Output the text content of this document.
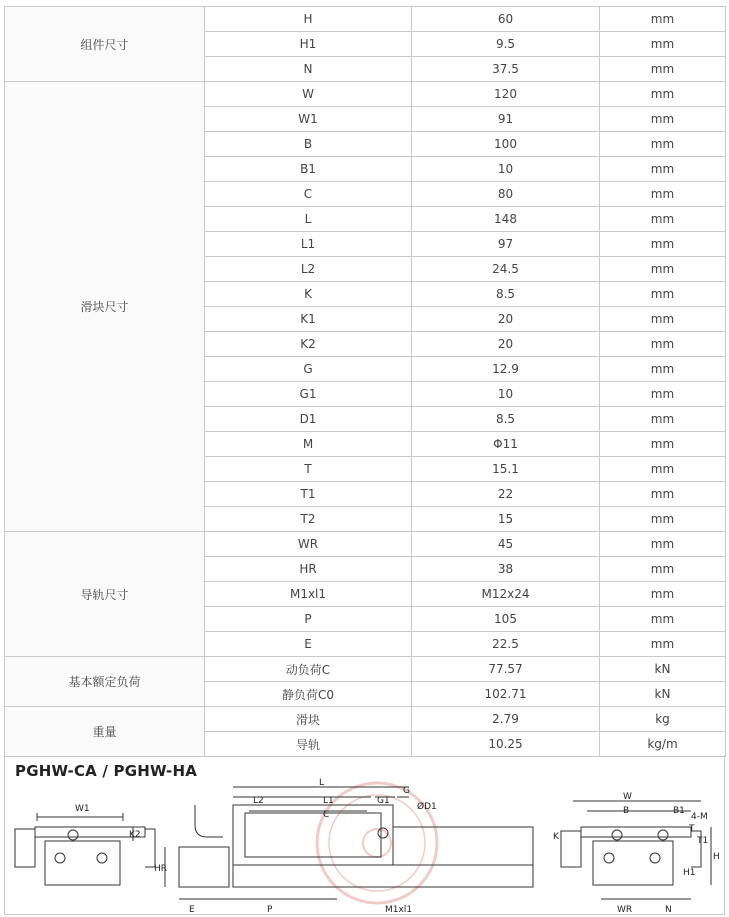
组件尺寸	H	60	mm
	H1	9.5	mm
	N	37.5	mm
滑块尺寸	W	120	mm
	W1	91	mm
	B	100	mm
	B1	10	mm
	C	80	mm
	L	148	mm
	L1	97	mm
	L2	24.5	mm
	K	8.5	mm
	K1	20	mm
	K2	20	mm
	G	12.9	mm
	G1	10	mm
	D1	8.5	mm
	M	Φ11	mm
	T	15.1	mm
	T1	22	mm
	T2	15	mm
导轨尺寸	WR	45	mm
	HR	38	mm
	M1xl1	M12x24	mm
	P	105	mm
	E	22.5	mm
基本额定负荷	动负荷C	77.57	kN
	静负荷C0	102.71	kN
重量	滑块	2.79	kg
	导轨	10.25	kg/m
PGHW-CA / PGHW-HA
W1
K2
HR
E	P
L
L2	L1
C
G1
G
ØD1
M1xl1
W
B	B1
4-M
K
T
T1
H
H1
WR	N
